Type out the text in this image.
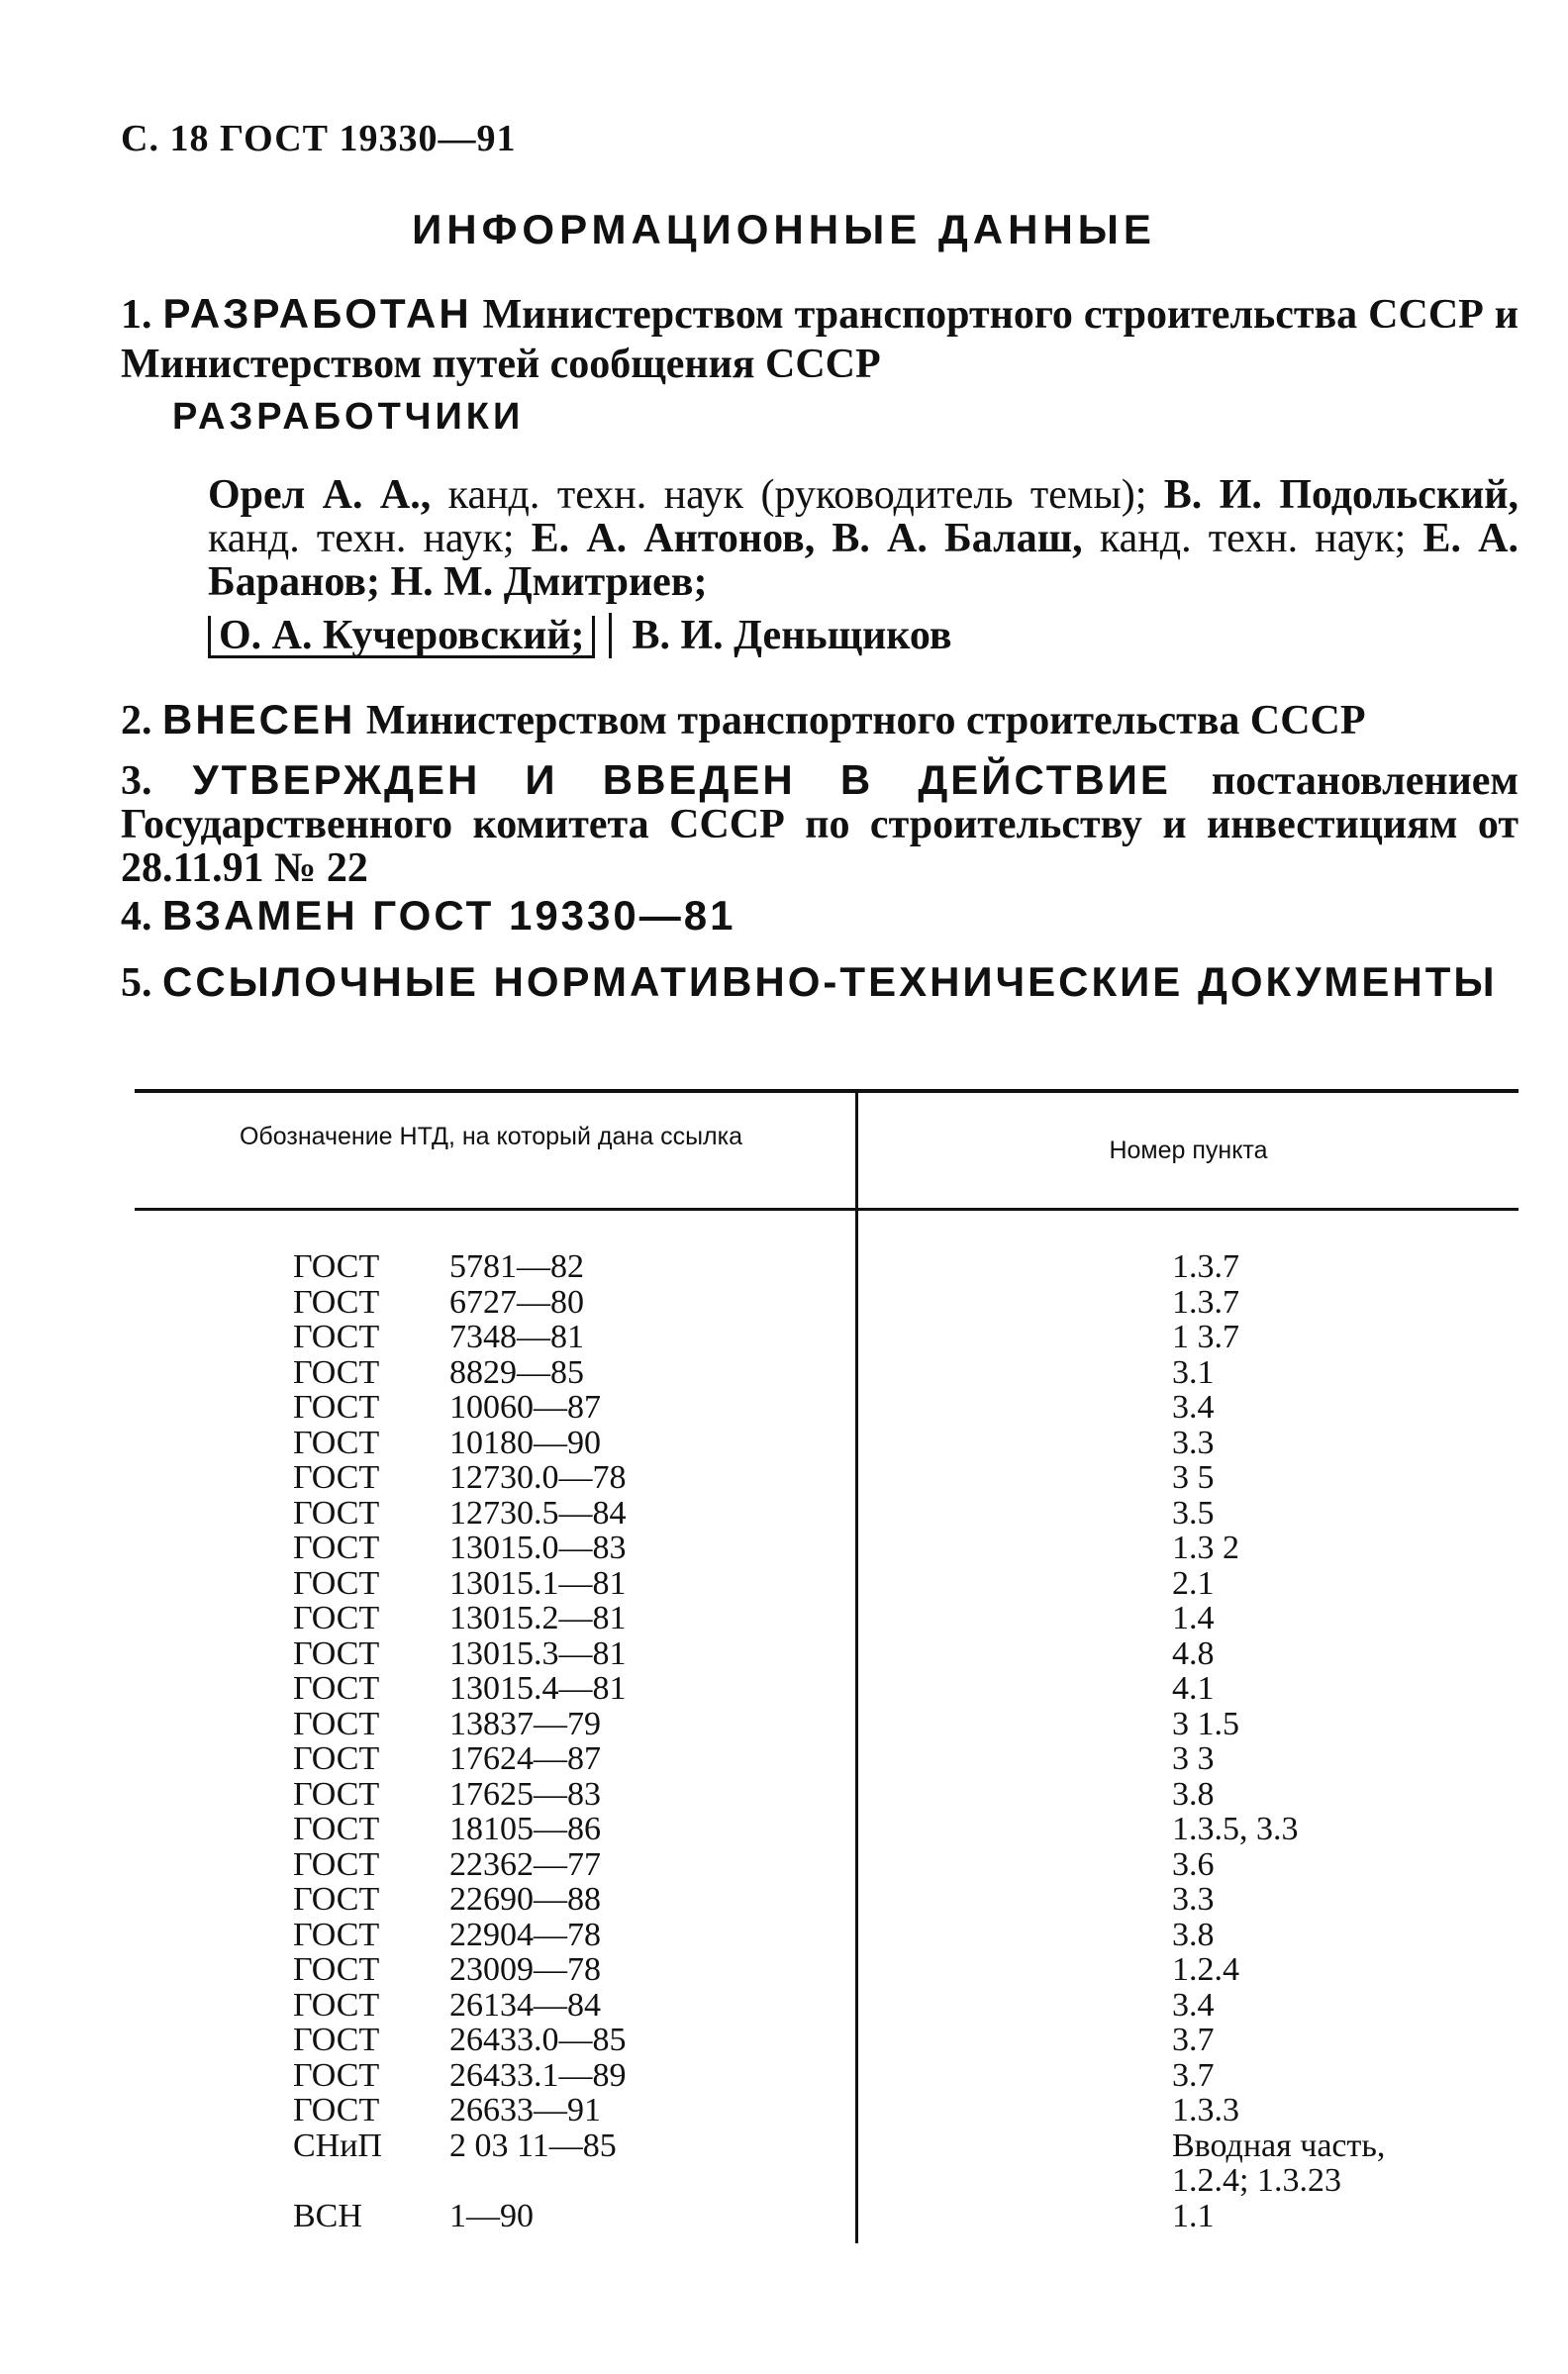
С. 18 ГОСТ 19330—91
ИНФОРМАЦИОННЫЕ ДАННЫЕ
1. РАЗРАБОТАН Министерством транспортного строительства СССР и Министерством путей сообщения СССР
РАЗРАБОТЧИКИ
Орел А. А., канд. техн. наук (руководитель темы); В. И. Подольский, канд. техн. наук; Е. А. Антонов, В. А. Балаш, канд. техн. наук; Е. А. Баранов; Н. М. Дмитриев;
О. А. Кучеровский; В. И. Деньщиков
2. ВНЕСЕН Министерством транспортного строительства СССР
3. УТВЕРЖДЕН И ВВЕДЕН В ДЕЙСТВИЕ постановлением Государственного комитета СССР по строительству и инвестициям от 28.11.91 № 22
4. ВЗАМЕН ГОСТ 19330—81
5. ССЫЛОЧНЫЕ НОРМАТИВНО-ТЕХНИЧЕСКИЕ ДОКУМЕНТЫ
Обозначение НТД, на который дана ссылка	Номер пункта
ГОСТ	5781—82	1.3.7
ГОСТ	6727—80	1.3.7
ГОСТ	7348—81	1 3.7
ГОСТ	8829—85	3.1
ГОСТ	10060—87	3.4
ГОСТ	10180—90	3.3
ГОСТ	12730.0—78	3 5
ГОСТ	12730.5—84	3.5
ГОСТ	13015.0—83	1.3 2
ГОСТ	13015.1—81	2.1
ГОСТ	13015.2—81	1.4
ГОСТ	13015.3—81	4.8
ГОСТ	13015.4—81	4.1
ГОСТ	13837—79	3 1.5
ГОСТ	17624—87	3 3
ГОСТ	17625—83	3.8
ГОСТ	18105—86	1.3.5, 3.3
ГОСТ	22362—77	3.6
ГОСТ	22690—88	3.3
ГОСТ	22904—78	3.8
ГОСТ	23009—78	1.2.4
ГОСТ	26134—84	3.4
ГОСТ	26433.0—85	3.7
ГОСТ	26433.1—89	3.7
ГОСТ	26633—91	1.3.3
СНиП	2 03 11—85	Вводная часть,
1.2.4; 1.3.23
ВСН	1—90	1.1
